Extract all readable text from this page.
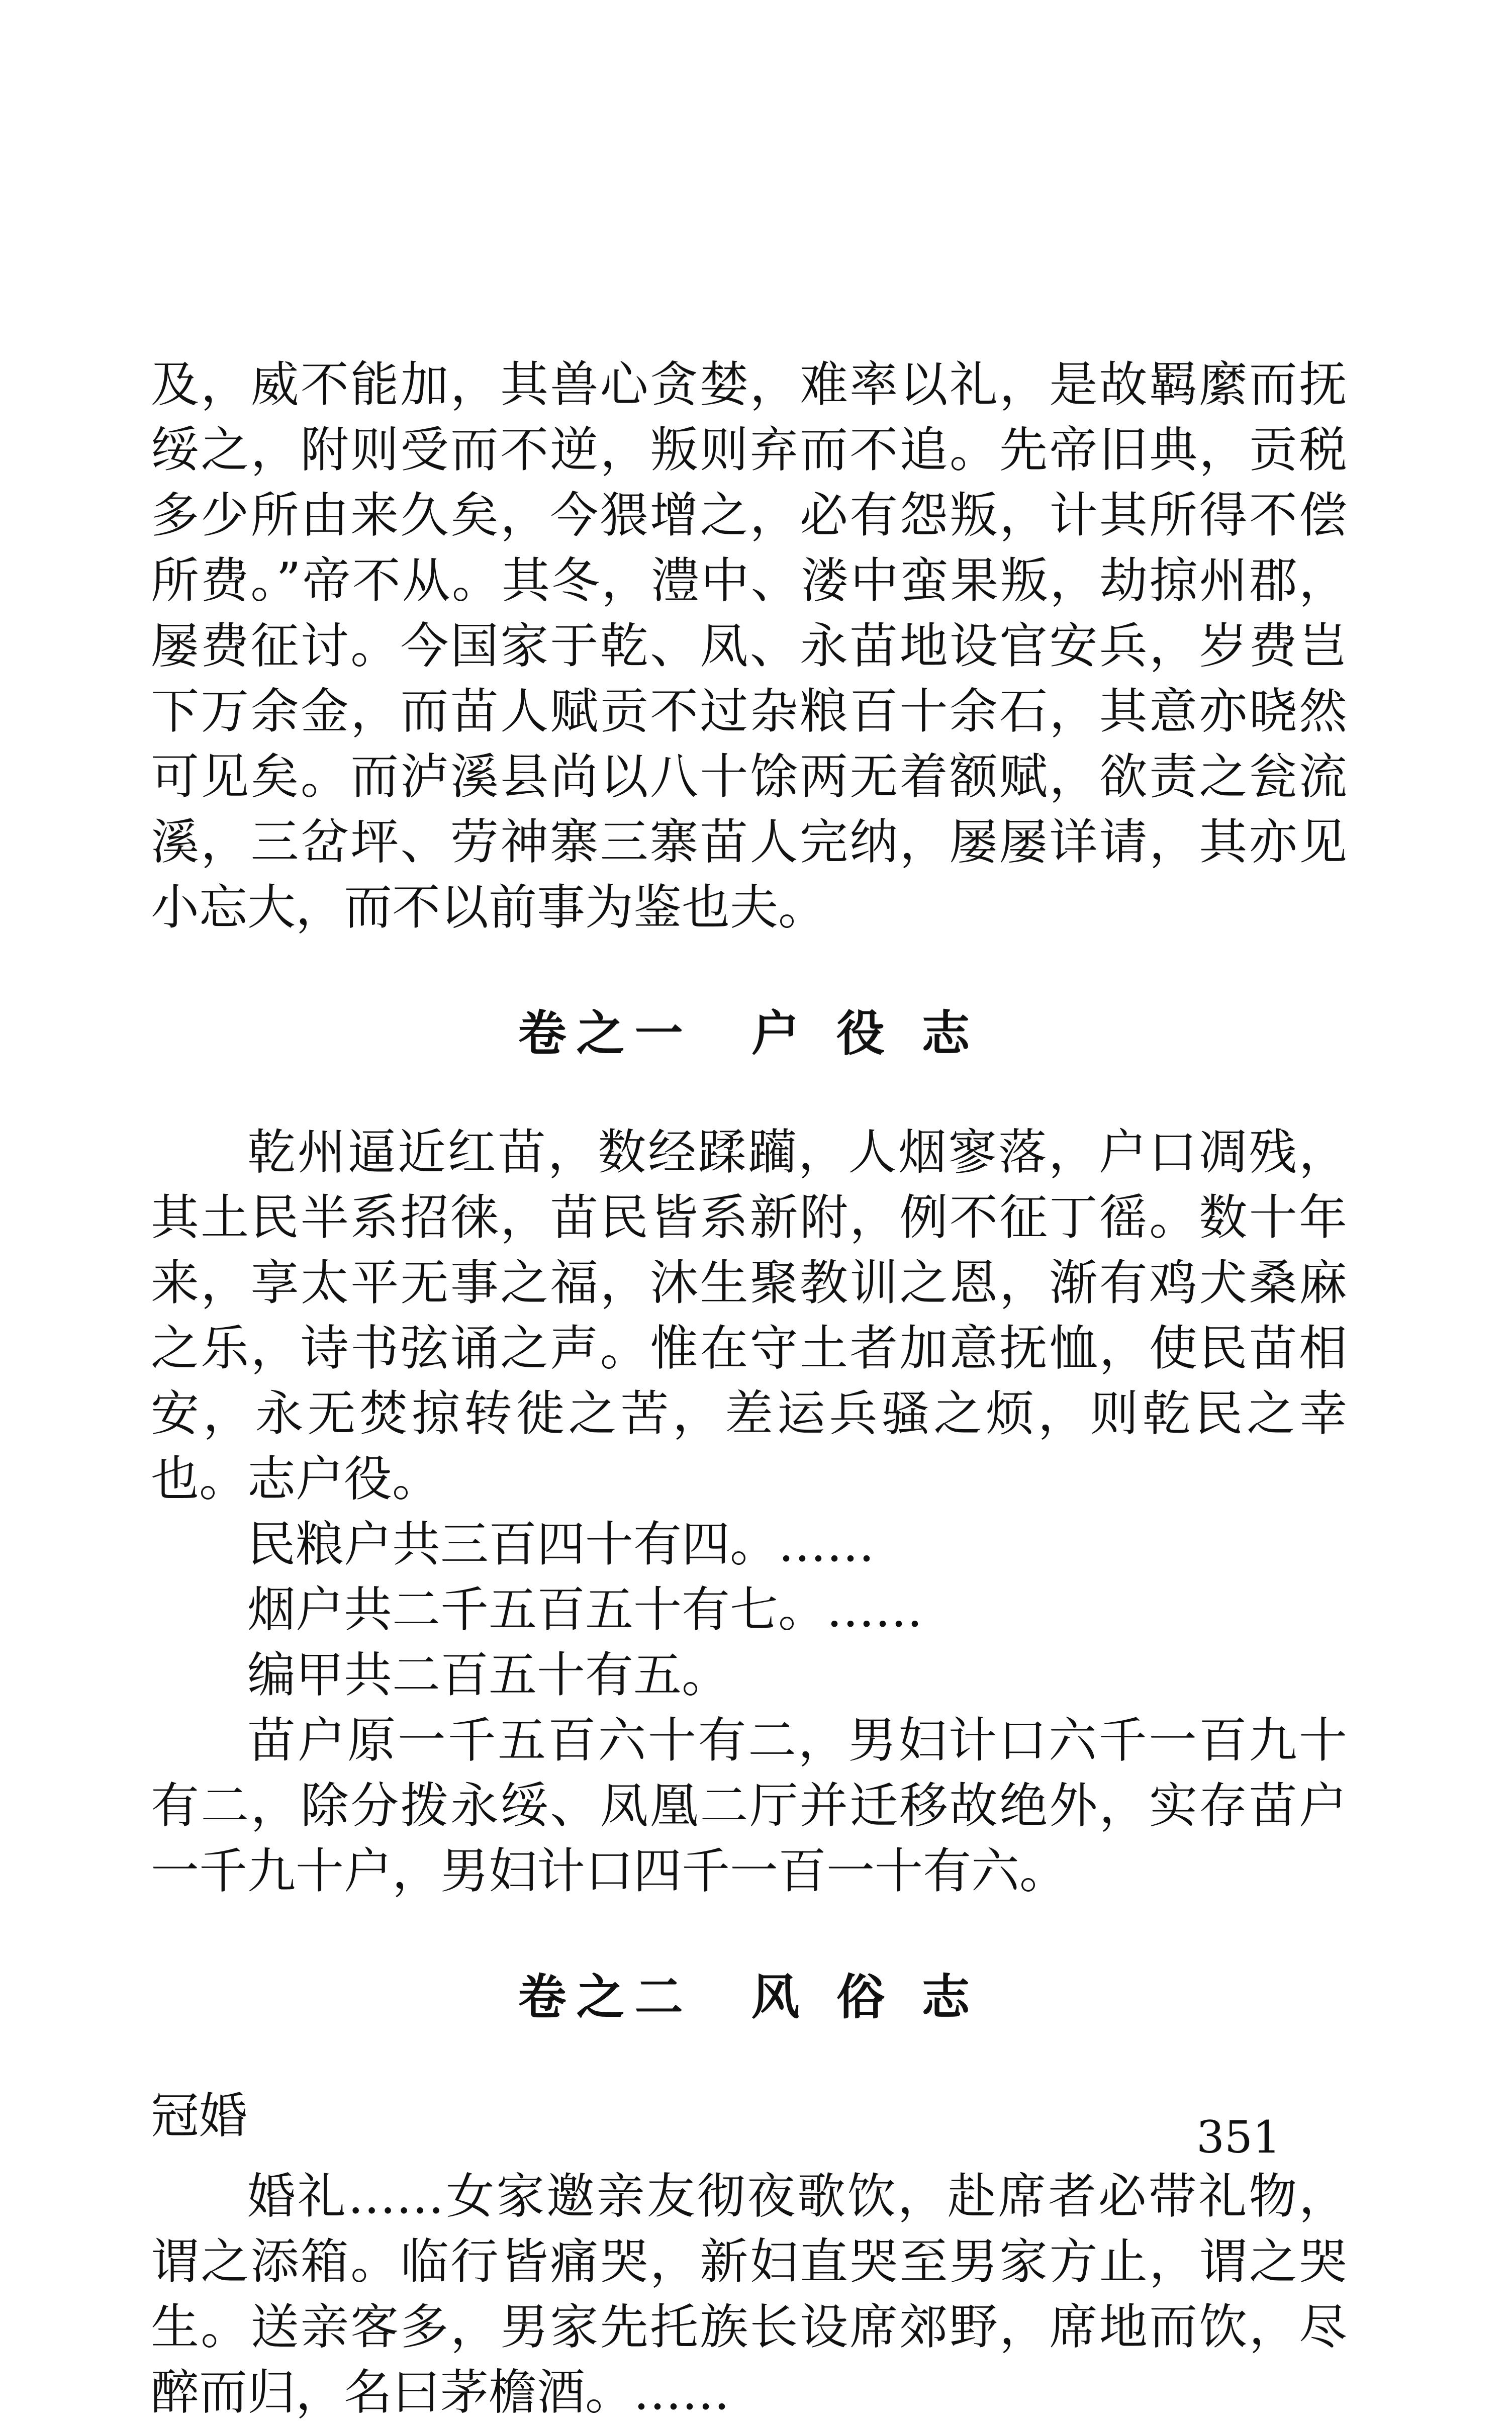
及，威不能加，其兽心贪婪，难率以礼，是故羁縻而抚绥之，附则受而不逆，叛则弃而不追。先帝旧典，贡税多少所由来久矣，今猥增之，必有怨叛，计其所得不偿所费。”帝不从。其冬，澧中、溇中蛮果叛，劫掠州郡，屡费征讨。今国家于乾、凤、永苗地设官安兵，岁费岂下万余金，而苗人赋贡不过杂粮百十余石，其意亦晓然可见矣。而泸溪县尚以八十馀两无着额赋，欲责之瓮流溪，三岔坪、劳神寨三寨苗人完纳，屡屡详请，其亦见小忘大，而不以前事为鉴也夫。

卷之一　户 役 志

乾州逼近红苗，数经蹂躏，人烟寥落，户口凋残，其土民半系招徕，苗民皆系新附，例不征丁徭。数十年来，享太平无事之福，沐生聚教训之恩，渐有鸡犬桑麻之乐，诗书弦诵之声。惟在守土者加意抚恤，使民苗相安，永无焚掠转徙之苦，差运兵骚之烦，则乾民之幸也。志户役。

民粮户共三百四十有四。……

烟户共二千五百五十有七。……

编甲共二百五十有五。

苗户原一千五百六十有二，男妇计口六千一百九十有二，除分拨永绥、凤凰二厅并迁移故绝外，实存苗户一千九十户，男妇计口四千一百一十有六。

卷之二　风 俗 志
冠婚

婚礼……女家邀亲友彻夜歌饮，赴席者必带礼物，谓之添箱。临行皆痛哭，新妇直哭至男家方止，谓之哭生。送亲客多，男家先托族长设席郊野，席地而饮，尽醉而归，名曰茅檐酒。……

351
